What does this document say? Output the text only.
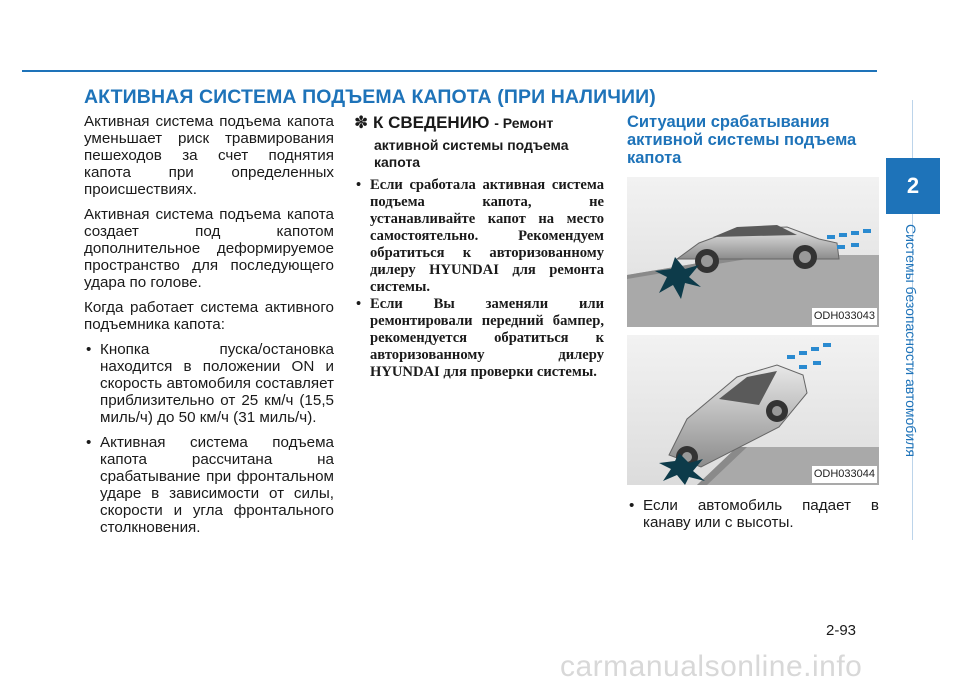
АКТИВНАЯ СИСТЕМА ПОДЪЕМА КАПОТА (ПРИ НАЛИЧИИ)

Активная система подъема капота уменьшает риск травмирования пешеходов за счет поднятия капота при определенных происшествиях.

Активная система подъема капота создает под капотом дополнительное деформируемое пространство для последующего удара по голове.

Когда работает система активного подъемника капота:

• Кнопка пуска/остановка находится в положении ON и скорость автомобиля составляет приблизительно от 25 км/ч (15,5 миль/ч) до 50 км/ч (31 миль/ч).
• Активная система подъема капота рассчитана на срабатывание при фронтальном ударе в зависимости от силы, скорости и угла фронтального столкновения.
✽ К СВЕДЕНИЮ - Ремонт
активной системы подъема капота
• Если сработала активная система подъема капота, не устанавливайте капот на место самостоятельно. Рекомендуем обратиться к авторизованному дилеру HYUNDAI для ремонта системы.
• Если Вы заменяли или ремонтировали передний бампер, рекомендуется обратиться к авторизованному дилеру HYUNDAI для проверки системы.
Ситуации срабатывания активной системы подъема капота
ODH033043
ODH033044
• Если автомобиль падает в канаву или с высоты.
2
Системы безопасности автомобиля
2-93
carmanualsonline.info
